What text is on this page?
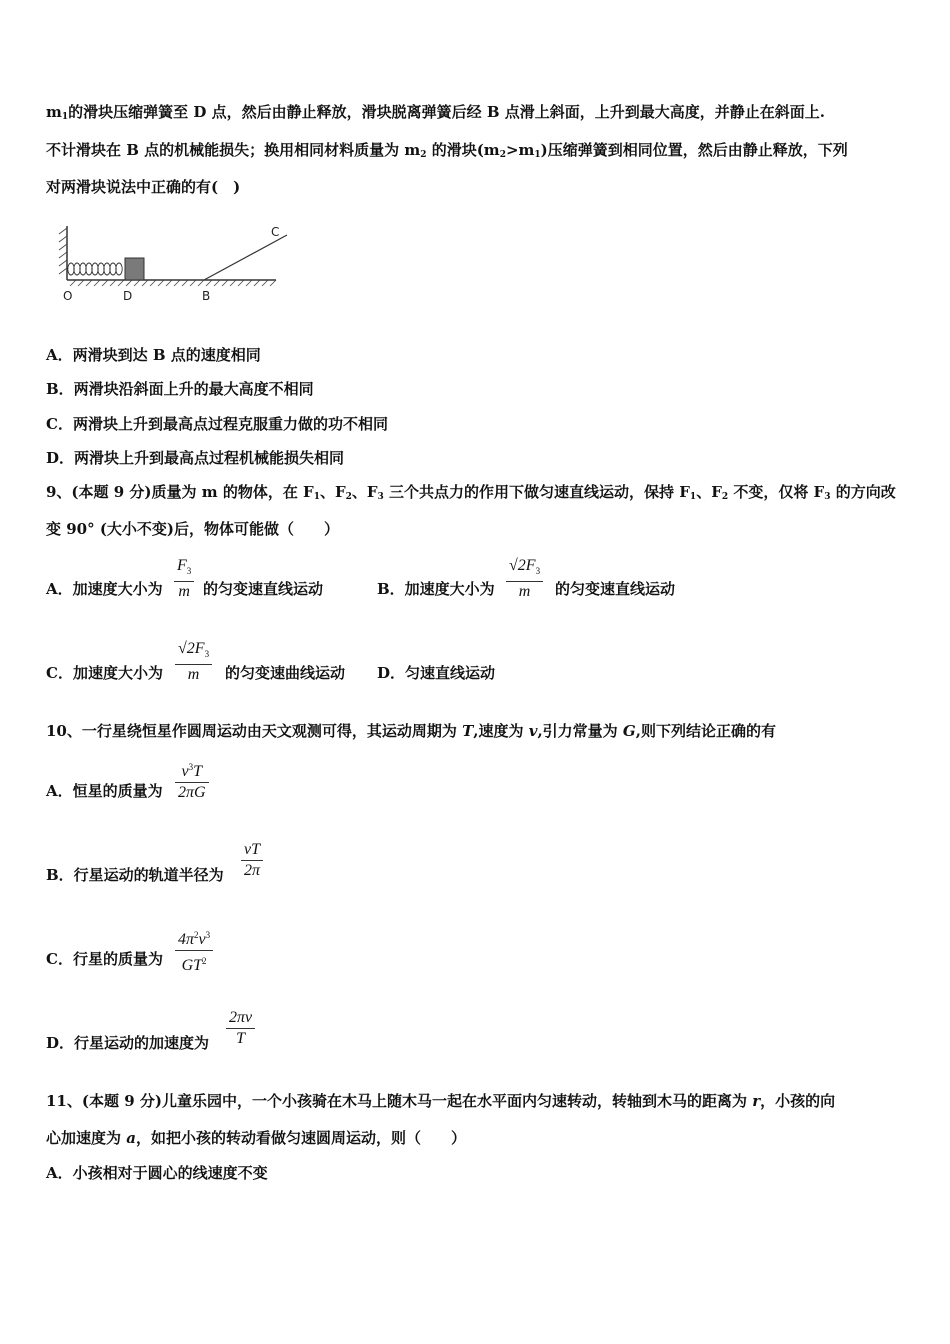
$m_1$的滑块压缩弹簧至 D 点，然后由静止释放，滑块脱离弹簧后经 B 点滑上斜面，上升到最大高度，并静止在斜面上.
不计滑块在 B 点的机械能损失；换用相同材料质量为 $m_2$ 的滑块$(m_2>m_1)$压缩弹簧到相同位置，然后由静止释放，下列
对两滑块说法中正确的有(　)
O	D	B
C
A．两滑块到达 B 点的速度相同
B．两滑块沿斜面上升的最大高度不相同
C．两滑块上升到最高点过程克服重力做的功不相同
D．两滑块上升到最高点过程机械能损失相同
9、(本题 9 分)质量为 m 的物体，在 $F_1$、$F_2$、$F_3$ 三个共点力的作用下做匀速直线运动，保持 $F_1$、$F_2$ 不变，仅将 $F_3$ 的方向改
变 90° (大小不变)后，物体可能做（　　）
A．加速度大小为 $\frac{F_3}{m}$ 的匀变速直线运动	B．加速度大小为 $\frac{√2F_3}{m}$ 的匀变速直线运动
C．加速度大小为 $\frac{√2F_3}{m}$ 的匀变速曲线运动 D．匀速直线运动
10、一行星绕恒星作圆周运动由天文观测可得，其运动周期为 T,速度为 v,引力常量为 G,则下列结论正确的有
A．恒星的质量为 $\frac{v^3T}{2\pi G}$
B．行星运动的轨道半径为 $\frac{vT}{2\pi}$
C．行星的质量为 $\frac{4\pi^2v^3}{GT^2}$
D．行星运动的加速度为 $\frac{2\pi v}{T}$
11、(本题 9 分)儿童乐园中，一个小孩骑在木马上随木马一起在水平面内匀速转动，转轴到木马的距离为 r，小孩的向
心加速度为 a，如把小孩的转动看做匀速圆周运动，则（　　）
A．小孩相对于圆心的线速度不变
